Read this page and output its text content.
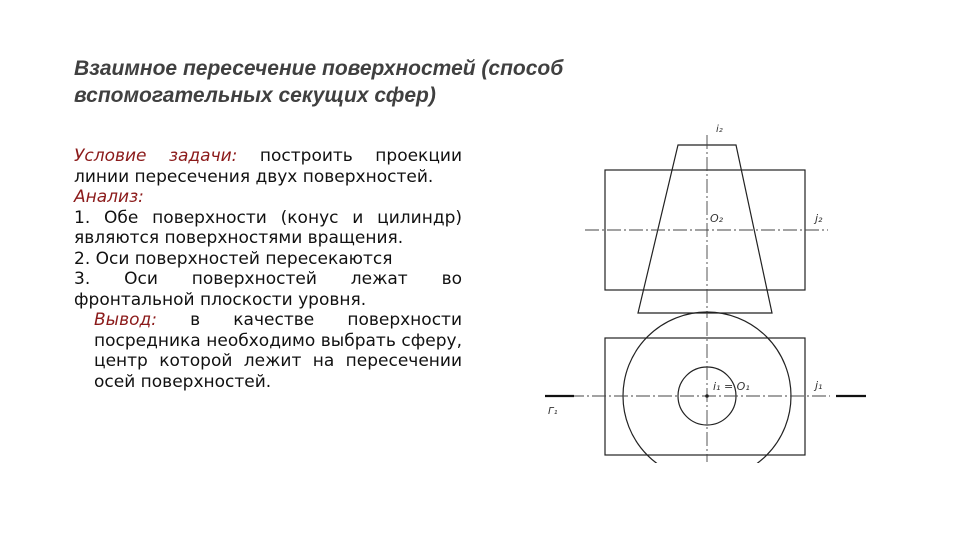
Взаимное пересечение поверхностей (способ вспомогательных секущих сфер)

Условие задачи: построить проекции линии пересечения двух поверхностей.

Анализ:

1. Обе поверхности (конус и цилиндр) являются поверхностями вращения.

2. Оси поверхностей пересекаются

3. Оси поверхностей лежат во фронтальной плоскости уровня.

Вывод: в качестве поверхности посредника необходимо выбрать сферу, центр которой лежит на пересечении осей поверхностей.

i₂
O₂	j₂
i₁ = O₁	j₁
Γ₁
